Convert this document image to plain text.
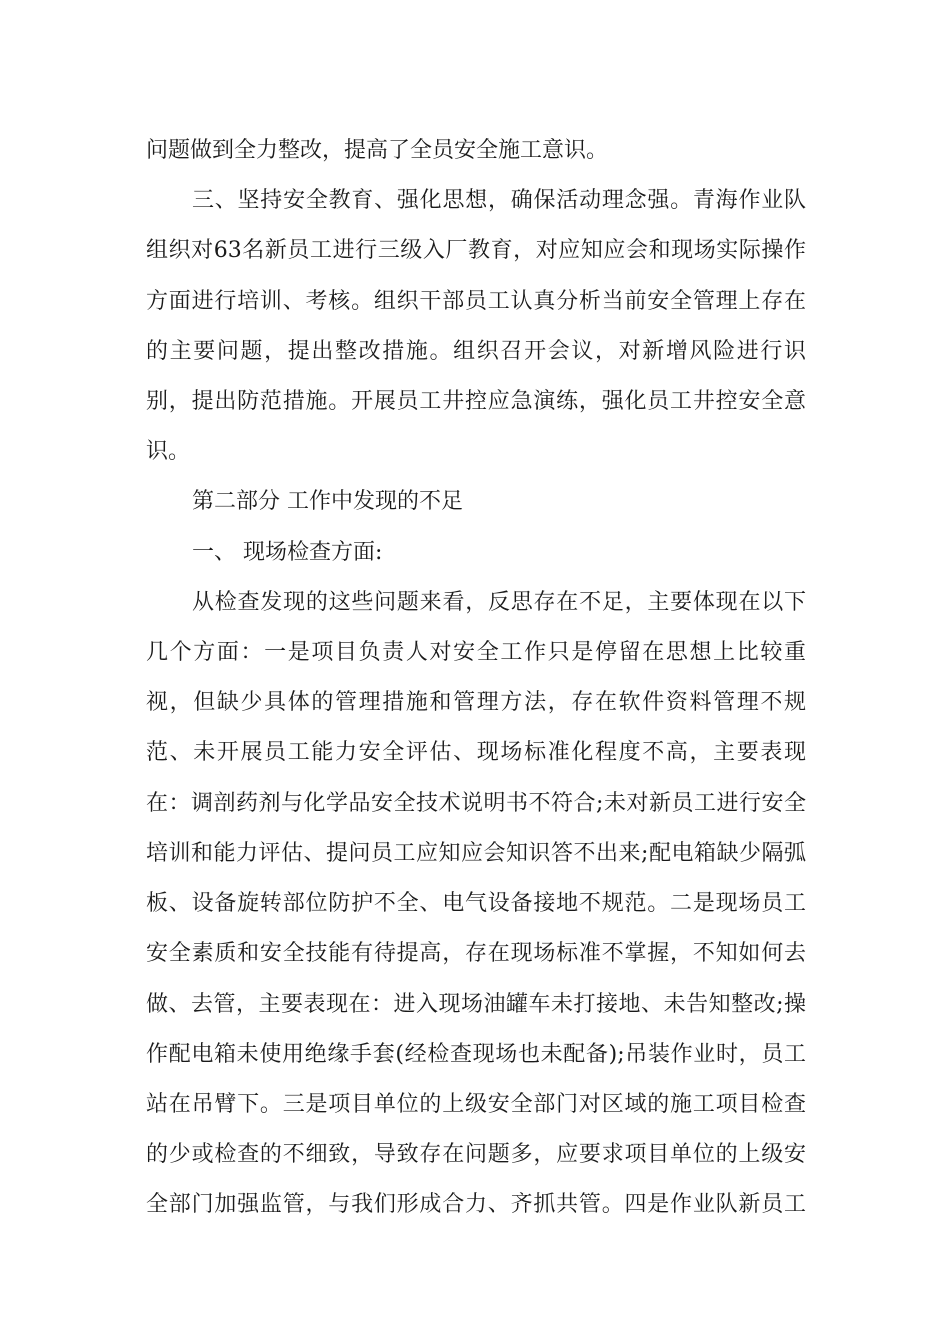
问题做到全力整改，提高了全员安全施工意识。
三、坚持安全教育、强化思想，确保活动理念强。青海作业队
组织对63名新员工进行三级入厂教育，对应知应会和现场实际操作
方面进行培训、考核。组织干部员工认真分析当前安全管理上存在
的主要问题，提出整改措施。组织召开会议，对新增风险进行识
别，提出防范措施。开展员工井控应急演练，强化员工井控安全意
识。
第二部分 工作中发现的不足
一、 现场检查方面:
从检查发现的这些问题来看，反思存在不足，主要体现在以下
几个方面：一是项目负责人对安全工作只是停留在思想上比较重
视，但缺少具体的管理措施和管理方法，存在软件资料管理不规
范、未开展员工能力安全评估、现场标准化程度不高，主要表现
在：调剖药剂与化学品安全技术说明书不符合;未对新员工进行安全
培训和能力评估、提问员工应知应会知识答不出来;配电箱缺少隔弧
板、设备旋转部位防护不全、电气设备接地不规范。二是现场员工
安全素质和安全技能有待提高，存在现场标准不掌握，不知如何去
做、去管，主要表现在：进入现场油罐车未打接地、未告知整改;操
作配电箱未使用绝缘手套(经检查现场也未配备);吊装作业时，员工
站在吊臂下。三是项目单位的上级安全部门对区域的施工项目检查
的少或检查的不细致，导致存在问题多，应要求项目单位的上级安
全部门加强监管，与我们形成合力、齐抓共管。四是作业队新员工
